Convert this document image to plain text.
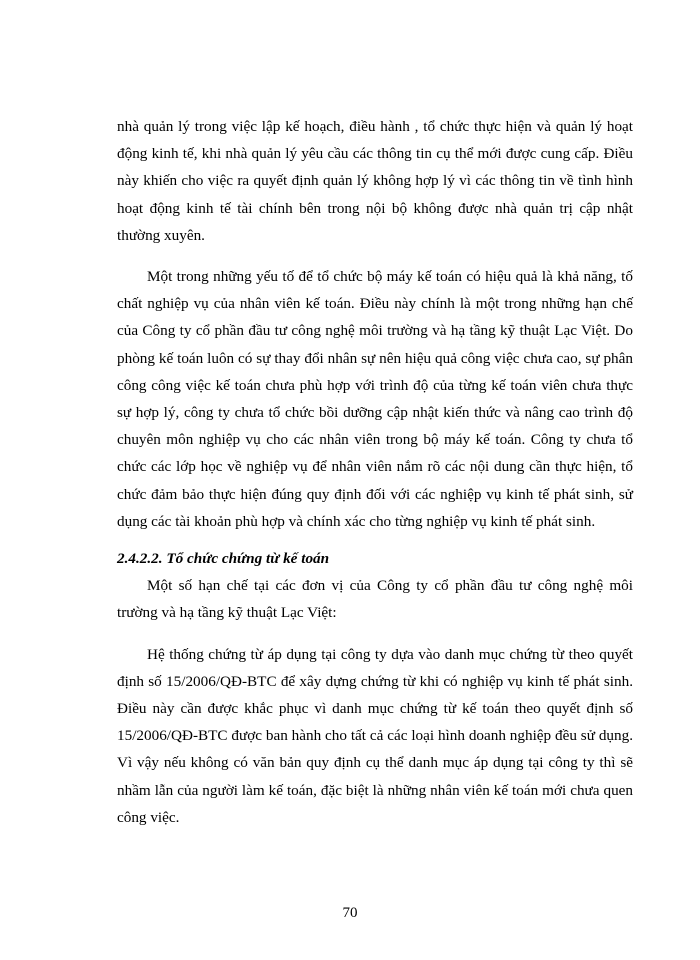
nhà quản lý trong việc lập kế hoạch, điều hành , tổ chức thực hiện và quản lý hoạt động kinh tế, khi nhà quản lý yêu cầu các thông tin cụ thể mới được cung cấp. Điều này khiến cho việc ra quyết định quản lý không hợp lý vì các thông tin về tình hình hoạt động kinh tế tài chính bên trong nội bộ không được nhà quản trị cập nhật thường xuyên.

Một trong những yếu tố để tổ chức bộ máy kế toán có hiệu quả là khả năng, tố chất nghiệp vụ của nhân viên kế toán. Điều này chính là một trong những hạn chế của Công ty cổ phần đầu tư công nghệ môi trường và hạ tầng kỹ thuật Lạc Việt. Do phòng kế toán luôn có sự thay đổi nhân sự nên hiệu quả công việc chưa cao, sự phân công công việc kế toán chưa phù hợp với trình độ của từng kế toán viên chưa thực sự hợp lý, công ty chưa tổ chức bồi dưỡng cập nhật kiến thức và nâng cao trình độ chuyên môn nghiệp vụ cho các nhân viên trong bộ máy kế toán. Công ty chưa tổ chức các lớp học về nghiệp vụ để nhân viên nắm rõ các nội dung cần thực hiện, tổ chức đảm bảo thực hiện đúng quy định đối với các nghiệp vụ kinh tế phát sinh, sử dụng các tài khoản phù hợp và chính xác cho từng nghiệp vụ kinh tế phát sinh.

2.4.2.2. Tổ chức chứng từ kế toán

Một số hạn chế tại các đơn vị của Công ty cổ phần đầu tư công nghệ môi trường và hạ tầng kỹ thuật Lạc Việt:

Hệ thống chứng từ áp dụng tại công ty dựa vào danh mục chứng từ theo quyết định số 15/2006/QĐ-BTC để xây dựng chứng từ khi có nghiệp vụ kinh tế phát sinh. Điều này cần được khắc phục vì danh mục chứng từ kế toán theo quyết định số 15/2006/QĐ-BTC được ban hành cho tất cả các loại hình doanh nghiệp đều sử dụng. Vì vậy nếu không có văn bản quy định cụ thể danh mục áp dụng tại công ty thì sẽ nhầm lẫn của người làm kế toán, đặc biệt là những nhân viên kế toán mới chưa quen công việc.

70
